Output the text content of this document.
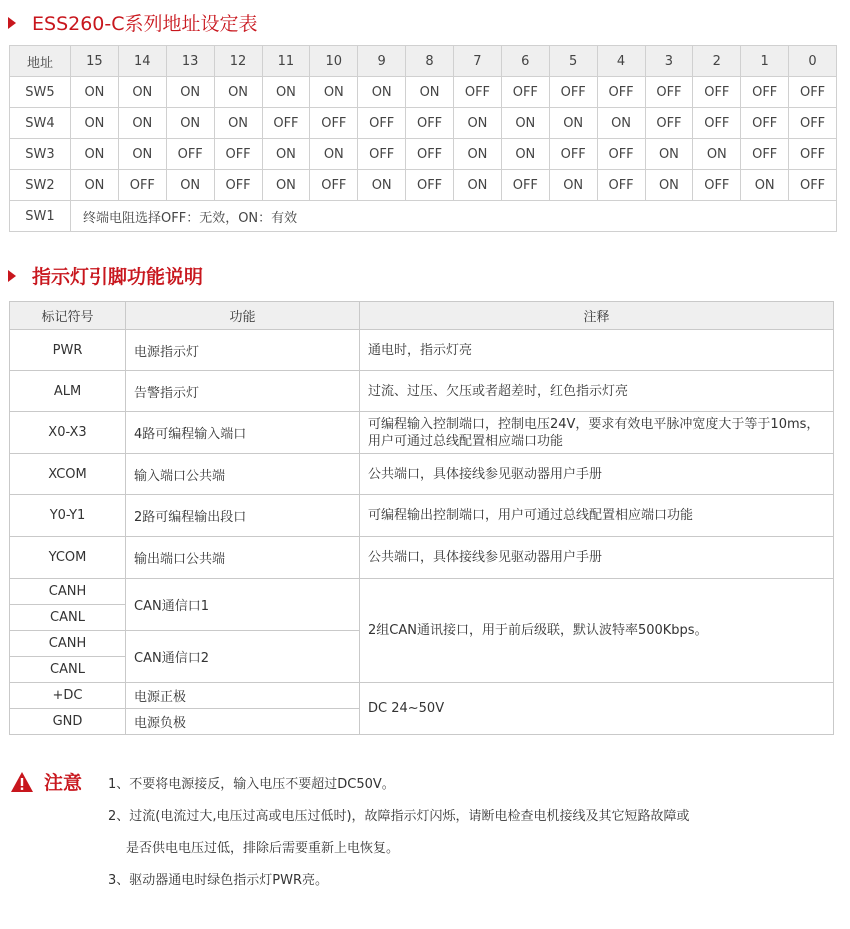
ESS260-C系列地址设定表
地址	15	14	13	12	11	10	9	8	7	6	5	4	3	2	1	0
SW5	ON	ON	ON	ON	ON	ON	ON	ON	OFF	OFF	OFF	OFF	OFF	OFF	OFF	OFF
SW4	ON	ON	ON	ON	OFF	OFF	OFF	OFF	ON	ON	ON	ON	OFF	OFF	OFF	OFF
SW3	ON	ON	OFF	OFF	ON	ON	OFF	OFF	ON	ON	OFF	OFF	ON	ON	OFF	OFF
SW2	ON	OFF	ON	OFF	ON	OFF	ON	OFF	ON	OFF	ON	OFF	ON	OFF	ON	OFF
SW1	终端电阻选择OFF：无效，ON：有效															
指示灯引脚功能说明
标记符号	功能	注释
PWR	电源指示灯	通电时，指示灯亮
ALM	告警指示灯	过流、过压、欠压或者超差时，红色指示灯亮
X0-X3	4路可编程输入端口	可编程输入控制端口，控制电压24V，要求有效电平脉冲宽度大于等于10ms，用户可通过总线配置相应端口功能
XCOM	输入端口公共端	公共端口，具体接线参见驱动器用户手册
Y0-Y1	2路可编程输出段口	可编程输出控制端口，用户可通过总线配置相应端口功能
YCOM	输出端口公共端	公共端口，具体接线参见驱动器用户手册
CANH	CAN通信口1	2组CAN通讯接口，用于前后级联，默认波特率500Kbps。
CANL		
CANH	CAN通信口2	
CANL		
+DC	电源正极	DC 24~50V
GND	电源负极	
注意 1、不要将电源接反，输入电压不要超过DC50V。
2、过流(电流过大,电压过高或电压过低时)，故障指示灯闪烁，请断电检查电机接线及其它短路故障或
是否供电电压过低，排除后需要重新上电恢复。
3、驱动器通电时绿色指示灯PWR亮。
